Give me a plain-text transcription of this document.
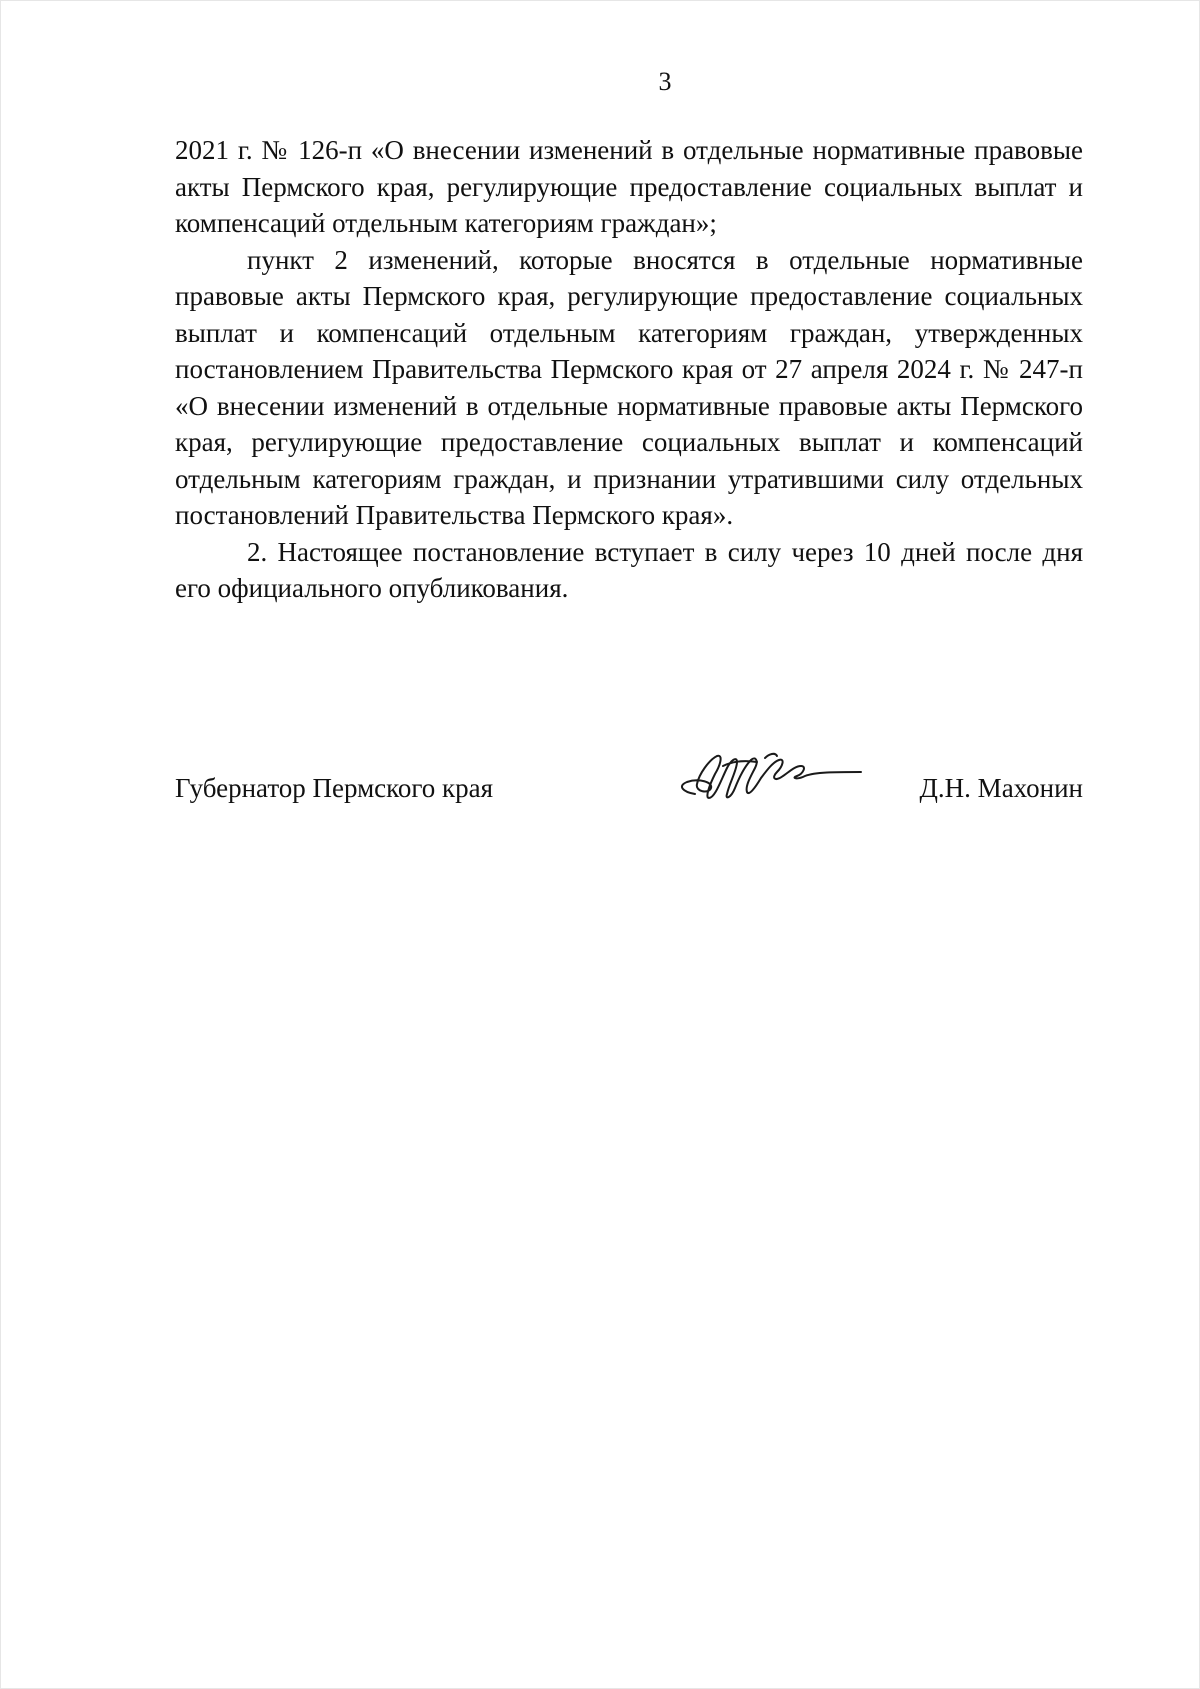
3

2021 г. № 126-п «О внесении изменений в отдельные нормативные правовые акты Пермского края, регулирующие предоставление социальных выплат и компенсаций отдельным категориям граждан»;

пункт 2 изменений, которые вносятся в отдельные нормативные правовые акты Пермского края, регулирующие предоставление социальных выплат и компенсаций отдельным категориям граждан, утвержденных постановлением Правительства Пермского края от 27 апреля 2024 г. № 247-п «О внесении изменений в отдельные нормативные правовые акты Пермского края, регулирующие предоставление социальных выплат и компенсаций отдельным категориям граждан, и признании утратившими силу отдельных постановлений Правительства Пермского края».

2. Настоящее постановление вступает в силу через 10 дней после дня его официального опубликования.

Губернатор Пермского края	Д.Н. Махонин
